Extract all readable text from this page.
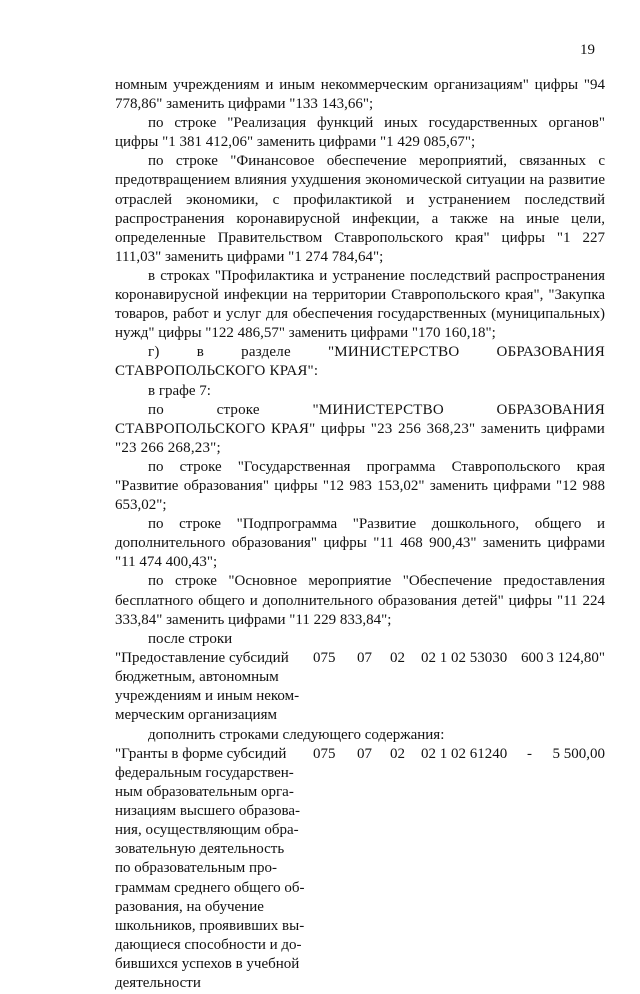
19

номным учреждениям и иным некоммерческим организациям" цифры "94 778,86" заменить цифрами "133 143,66";

по строке "Реализация функций иных государственных органов" цифры "1 381 412,06" заменить цифрами "1 429 085,67";

по строке "Финансовое обеспечение мероприятий, связанных с предотвращением влияния ухудшения экономической ситуации на развитие отраслей экономики, с профилактикой и устранением последствий распространения коронавирусной инфекции, а также на иные цели, определенные Правительством Ставропольского края" цифры "1 227 111,03" заменить цифрами "1 274 784,64";

в строках "Профилактика и устранение последствий распространения коронавирусной инфекции на территории Ставропольского края", "Закупка товаров, работ и услуг для обеспечения государственных (муниципальных) нужд" цифры "122 486,57" заменить цифрами "170 160,18";

г) в разделе "МИНИСТЕРСТВО ОБРАЗОВАНИЯ СТАВРОПОЛЬСКОГО КРАЯ":

в графе 7:

по строке "МИНИСТЕРСТВО ОБРАЗОВАНИЯ СТАВРОПОЛЬСКОГО КРАЯ" цифры "23 256 368,23" заменить цифрами "23 266 268,23";

по строке "Государственная программа Ставропольского края "Развитие образования" цифры "12 983 153,02" заменить цифрами "12 988 653,02";

по строке "Подпрограмма "Развитие дошкольного, общего и дополнительного образования" цифры "11 468 900,43" заменить цифрами "11 474 400,43";

по строке "Основное мероприятие "Обеспечение предоставления бесплатного общего и дополнительного образования детей" цифры "11 224 333,84" заменить цифрами "11 229 833,84";

после строки

"Предоставление субсидий
бюджетным, автономным
учреждениям и иным неком-
мерческим организациям
075 07 02 02 1 02 53030 600 3 124,80"

дополнить строками следующего содержания:

"Гранты в форме субсидий
федеральным государствен-
ным образовательным орга-
низациям высшего образова-
ния, осуществляющим обра-
зовательную деятельность
по образовательным про-
граммам среднего общего об-
разования, на обучение
школьников, проявивших вы-
дающиеся способности и до-
бившихся успехов в учебной
деятельности
075 07 02 02 1 02 61240 - 5 500,00
